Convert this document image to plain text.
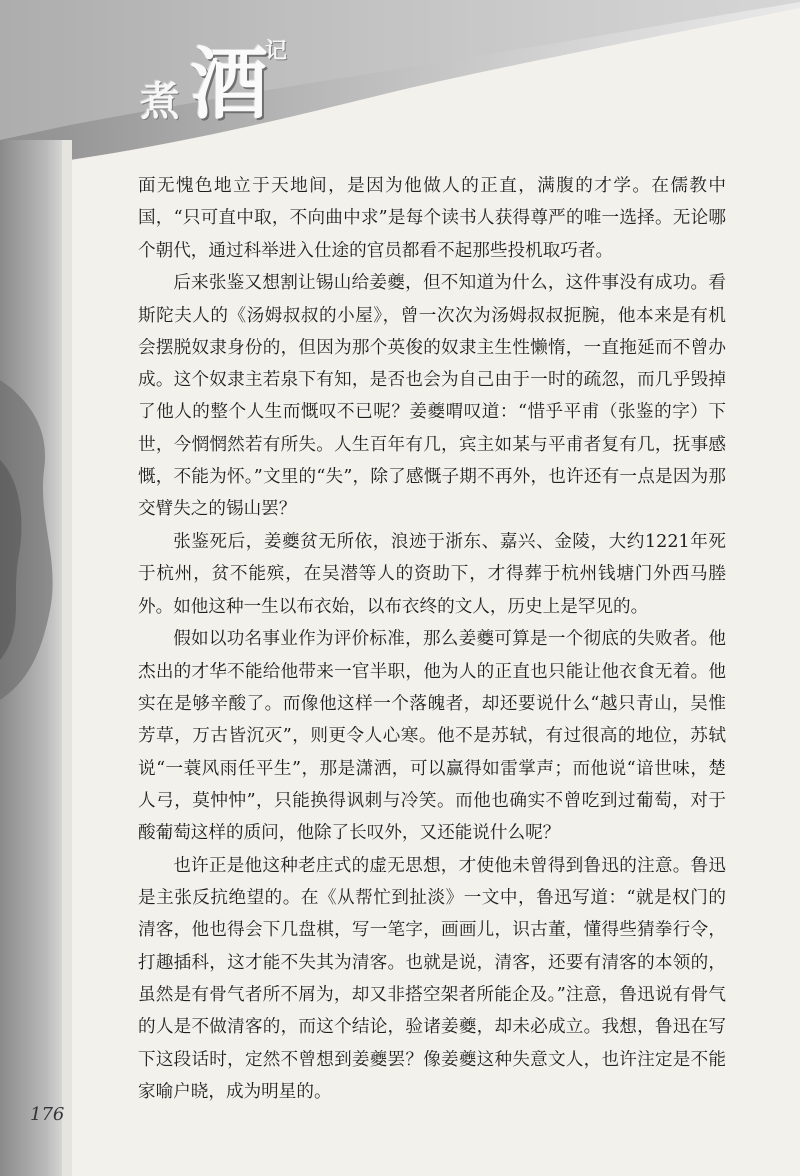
煮 酒
记

面无愧色地立于天地间，是因为他做人的正直，满腹的才学。在儒教中国，“只可直中取，不向曲中求”是每个读书人获得尊严的唯一选择。无论哪个朝代，通过科举进入仕途的官员都看不起那些投机取巧者。

后来张鉴又想割让锡山给姜夔，但不知道为什么，这件事没有成功。看斯陀夫人的《汤姆叔叔的小屋》，曾一次次为汤姆叔叔扼腕，他本来是有机会摆脱奴隶身份的，但因为那个英俊的奴隶主生性懒惰，一直拖延而不曾办成。这个奴隶主若泉下有知，是否也会为自己由于一时的疏忽，而几乎毁掉了他人的整个人生而慨叹不已呢？姜夔喟叹道：“惜乎平甫（张鉴的字）下世，今惘惘然若有所失。人生百年有几，宾主如某与平甫者复有几，抚事感慨，不能为怀。”文里的“失”，除了感慨子期不再外，也许还有一点是因为那交臂失之的锡山罢？

张鉴死后，姜夔贫无所依，浪迹于浙东、嘉兴、金陵，大约1221年死于杭州，贫不能殡，在吴潜等人的资助下，才得葬于杭州钱塘门外西马塍外。如他这种一生以布衣始，以布衣终的文人，历史上是罕见的。

假如以功名事业作为评价标准，那么姜夔可算是一个彻底的失败者。他杰出的才华不能给他带来一官半职，他为人的正直也只能让他衣食无着。他实在是够辛酸了。而像他这样一个落魄者，却还要说什么“越只青山，吴惟芳草，万古皆沉灭”，则更令人心寒。他不是苏轼，有过很高的地位，苏轼说“一蓑风雨任平生”，那是潇洒，可以赢得如雷掌声；而他说“谙世味，楚人弓，莫忡忡”，只能换得讽刺与冷笑。而他也确实不曾吃到过葡萄，对于酸葡萄这样的质问，他除了长叹外，又还能说什么呢？

也许正是他这种老庄式的虚无思想，才使他未曾得到鲁迅的注意。鲁迅是主张反抗绝望的。在《从帮忙到扯淡》一文中，鲁迅写道：“就是权门的清客，他也得会下几盘棋，写一笔字，画画儿，识古董，懂得些猜拳行令，打趣插科，这才能不失其为清客。也就是说，清客，还要有清客的本领的，虽然是有骨气者所不屑为，却又非搭空架者所能企及。”注意，鲁迅说有骨气的人是不做清客的，而这个结论，验诸姜夔，却未必成立。我想，鲁迅在写下这段话时，定然不曾想到姜夔罢？像姜夔这种失意文人，也许注定是不能家喻户晓，成为明星的。

176
